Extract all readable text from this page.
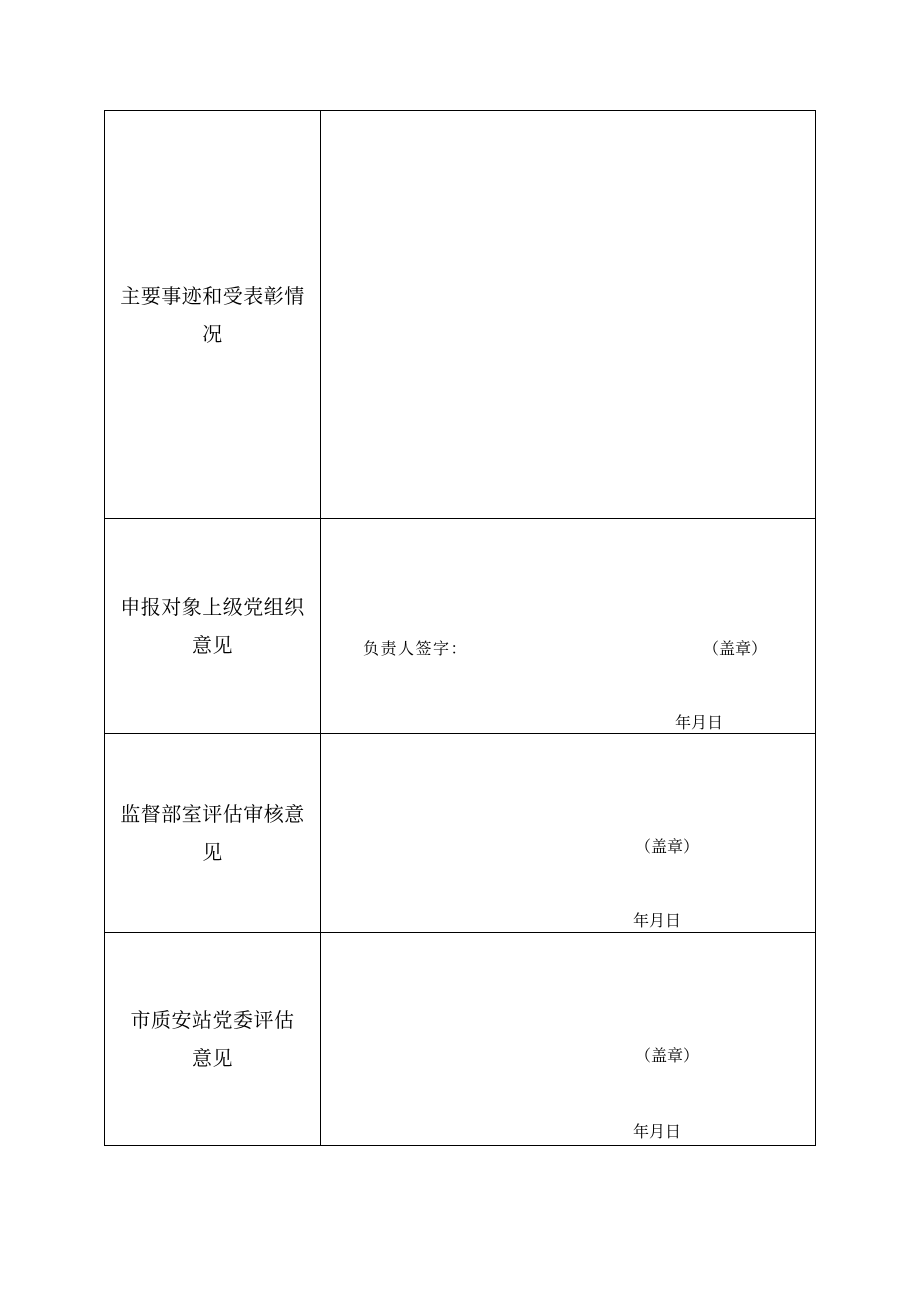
主要事迹和受表彰情
况
申报对象上级党组织
意见	负责人签字：	（盖章）
年月日
监督部室评估审核意
见	（盖章）
年月日
市质安站党委评估
意见	（盖章）
年月日
